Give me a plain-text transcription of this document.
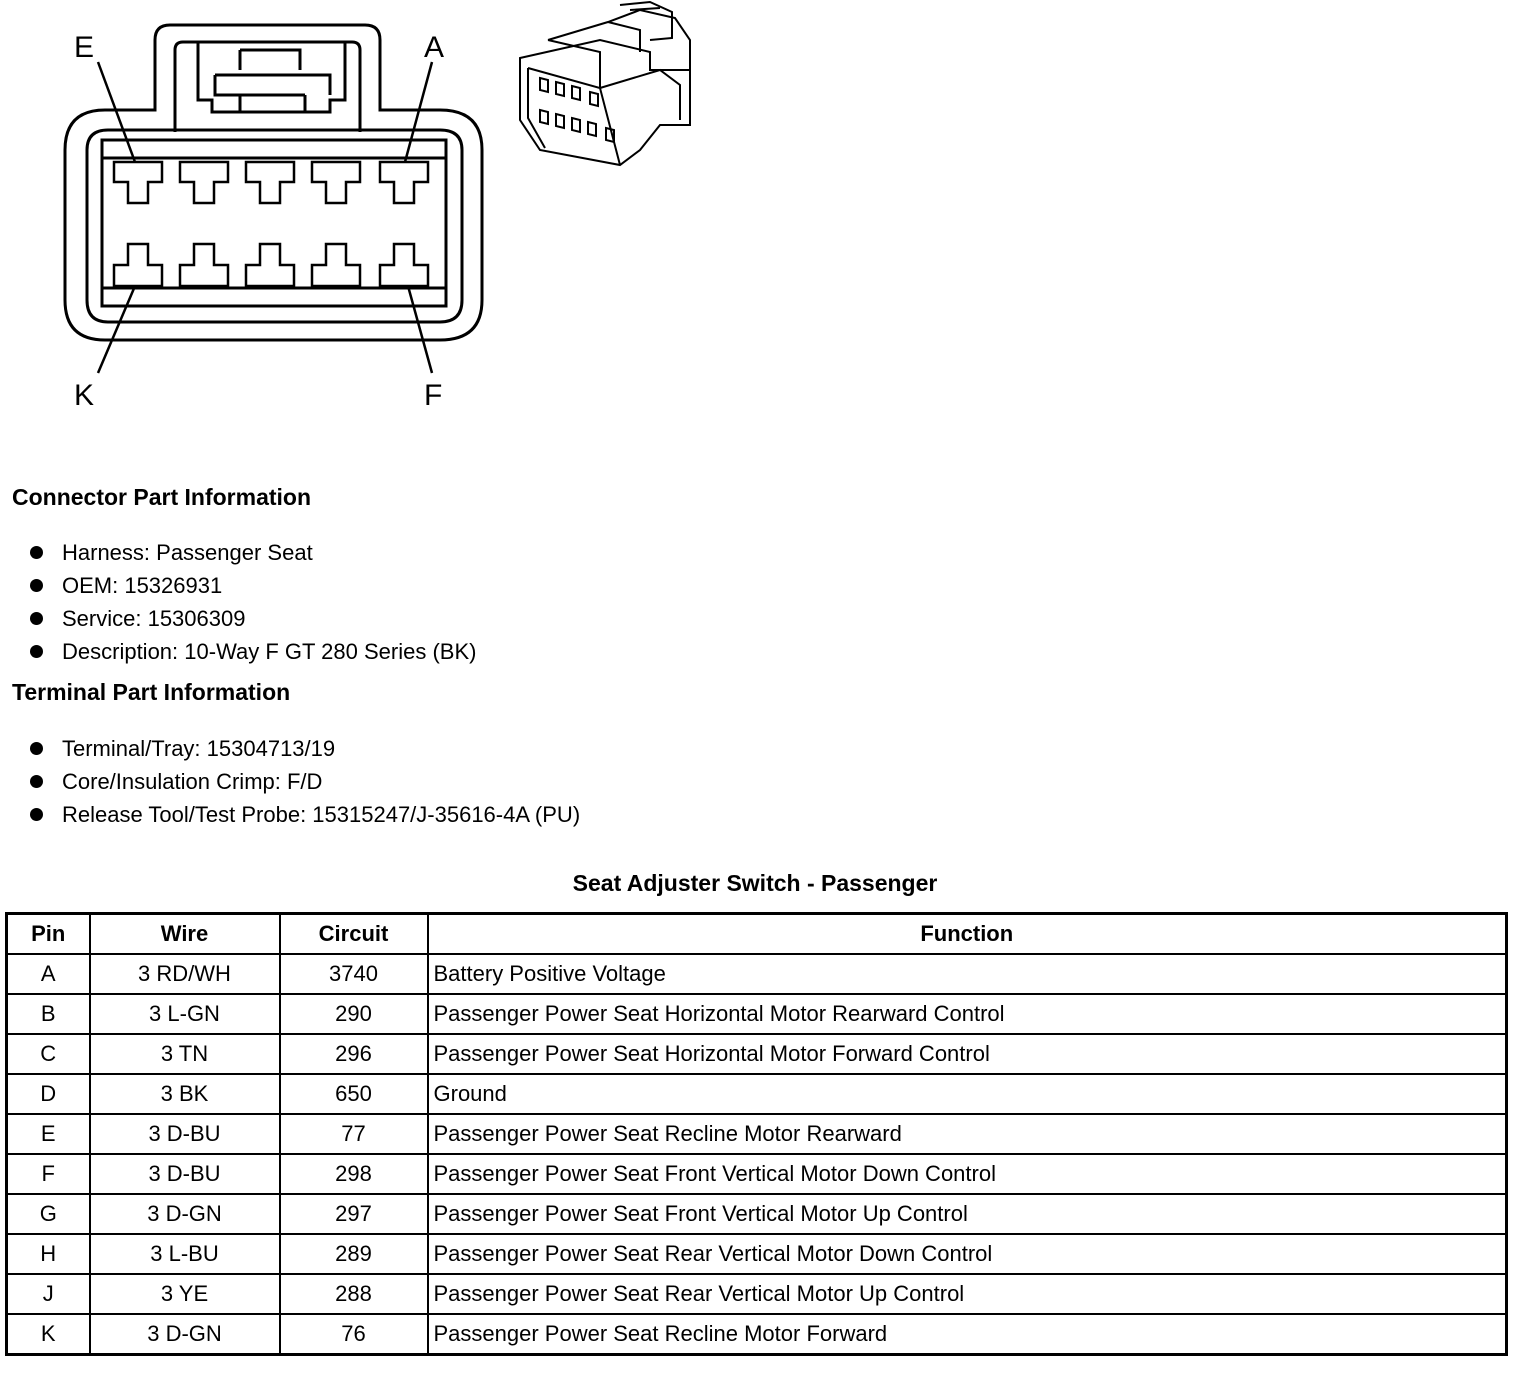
E	A
K	F
Connector Part Information
Harness: Passenger Seat
OEM: 15326931
Service: 15306309
Description: 10-Way F GT 280 Series (BK)
Terminal Part Information
Terminal/Tray: 15304713/19
Core/Insulation Crimp: F/D
Release Tool/Test Probe: 15315247/J-35616-4A (PU)
Seat Adjuster Switch - Passenger
Pin	Wire	Circuit	Function
A	3 RD/WH	3740	Battery Positive Voltage
B	3 L-GN	290	Passenger Power Seat Horizontal Motor Rearward Control
C	3 TN	296	Passenger Power Seat Horizontal Motor Forward Control
D	3 BK	650	Ground
E	3 D-BU	77	Passenger Power Seat Recline Motor Rearward
F	3 D-BU	298	Passenger Power Seat Front Vertical Motor Down Control
G	3 D-GN	297	Passenger Power Seat Front Vertical Motor Up Control
H	3 L-BU	289	Passenger Power Seat Rear Vertical Motor Down Control
J	3 YE	288	Passenger Power Seat Rear Vertical Motor Up Control
K	3 D-GN	76	Passenger Power Seat Recline Motor Forward
